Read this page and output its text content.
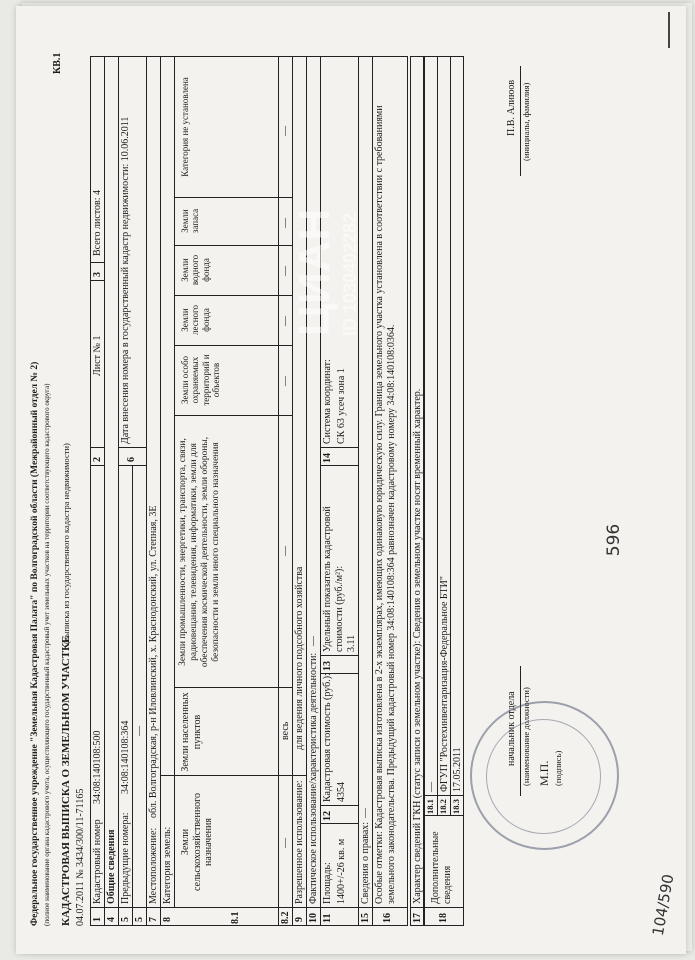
596
104/590
Федеральное государственное учреждение "Земельная Кадастровая Палата" по Волгоградской области (Межрайонный отдел № 2) (полное наименование органа кадастрового учета, осуществляющего государственный кадастровый учет земельных участков на территории соответствующего кадастрового округа)
КВ.1
КАДАСТРОВАЯ ВЫПИСКА О ЗЕМЕЛЬНОМ УЧАСТКЕ
(выписка из государственного кадастра недвижимости)
04.07.2011 № 3434/300/11-71165 1
Кадастровый номер
34:08:140108:500
2
Лист № 1
3
Всего листов: 4
4
Общие сведения
5
Предыдущие номера:
34:08:140108:364
5
—
6
Дата внесения номера в государственный кадастр недвижимости: 10.06.2011
7
Местоположение:
обл. Волгоградская, р-н Иловлинский, х. Краснодонский, ул. Степная, 3Е
8
Категория земель:
8.1
Земли сельскохозяйственного назначения
Земли населенных пунктов
Земли промышленности, энергетики, транспорта, связи, радиовещания, телевидения, информатики, земли для обеспечения космической деятельности, земли обороны, безопасности и земли иного специального назначения
Земли особо охраняемых территорий и объектов
Земли лесного фонда
Земли водного фонда
Земли запаса
Категория не установлена
8.2
—
весь
—
—
—
—
—
—
9
Разрешенное использование:
для ведения личного подсобного хозяйства
10
Фактическое использование/характеристика деятельности:
—
11
Площадь: 1400+/-26 кв. м
12
Кадастровая стоимость (руб.): 4354
13
Удельный показатель кадастровой стоимости (руб./м²): 3.11
14
Система координат: СК 63 усеч зона 1
15
Сведения о правах:
—
16
Особые отметки: Кадастровая выписка изготовлена в 2-х экземплярах, имеющих одинаковую юридическую силу. Граница земельного участка установлена в соответствии с требованиями земельного законодательства. Предыдущий кадастровый номер 34:08:140108:364 равнозначен кадастровому номеру 34:08:140108:0364.
17
Характер сведений ГКН (статус записи о земельном участке): Сведения о земельном участке носят временный характер.
18
Дополнительные сведения
18.1
—
18.2
ФГУП "Ростехинвентаризация-Федеральное БТИ"
18.3
17.05.2011
начальник отдела (наименование должности) М.П. (подпись)
П.В. Алиюов (инициалы, фамилия)
ЦИАН ID 1030402282
